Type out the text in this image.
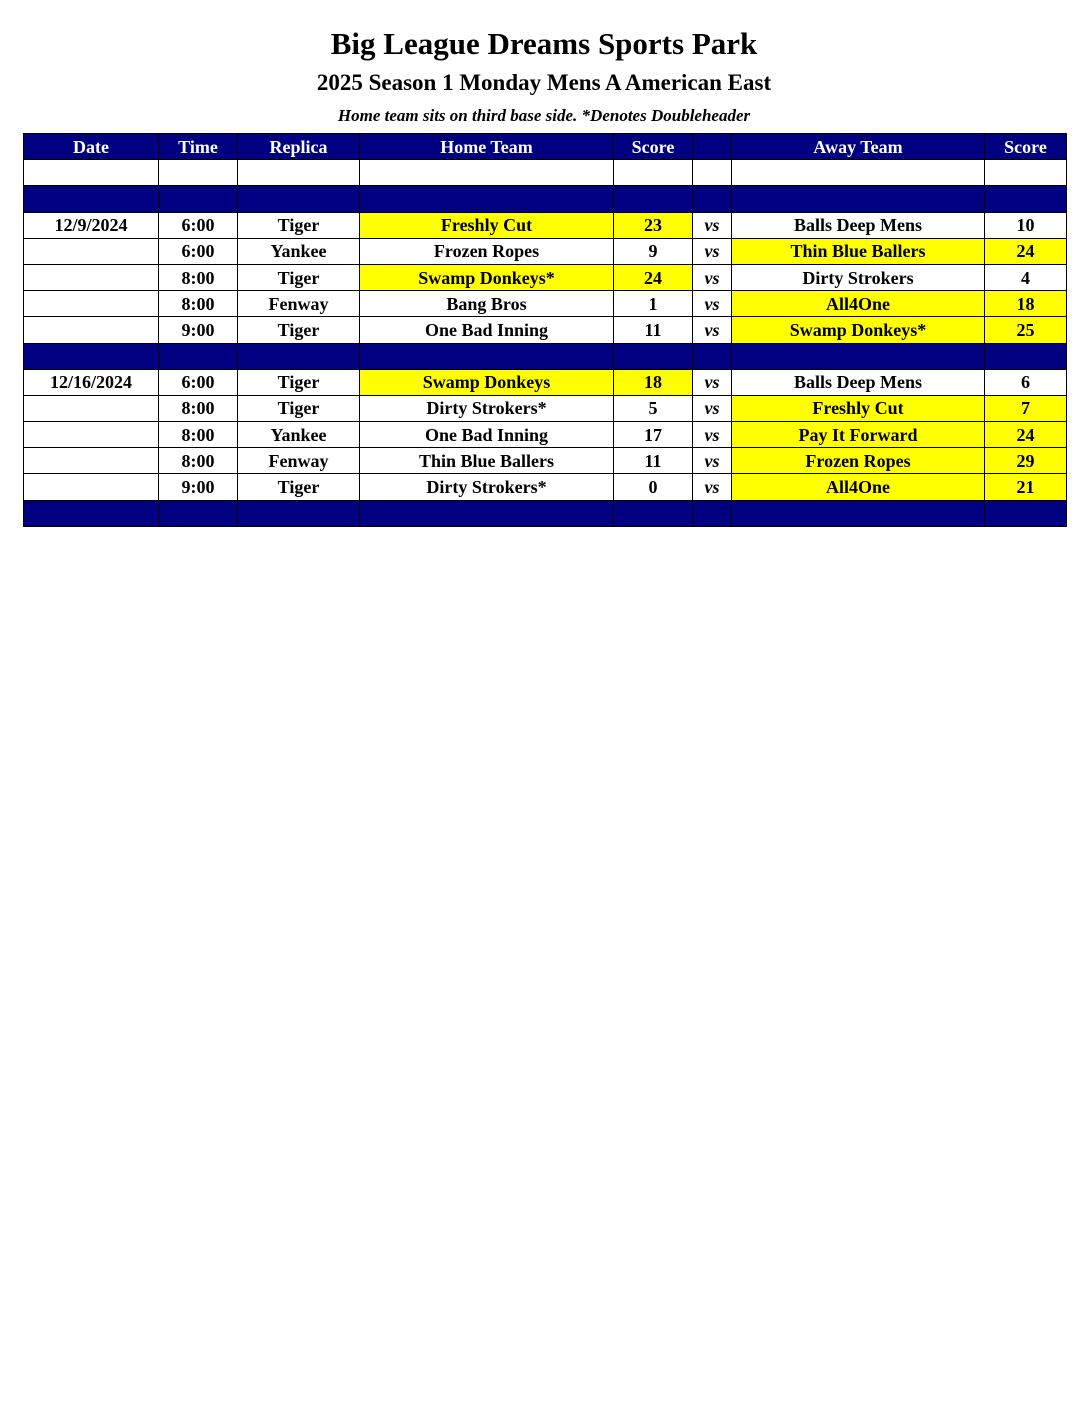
Big League Dreams Sports Park
2025 Season 1 Monday Mens A American East
Home team sits on third base side. *Denotes Doubleheader
Date	Time	Replica	Home Team	Score		Away Team	Score

12/9/2024	6:00	Tiger	Freshly Cut	23	vs	Balls Deep Mens	10
	6:00	Yankee	Frozen Ropes	9	vs	Thin Blue Ballers	24
	8:00	Tiger	Swamp Donkeys*	24	vs	Dirty Strokers	4
	8:00	Fenway	Bang Bros	1	vs	All4One	18
	9:00	Tiger	One Bad Inning	11	vs	Swamp Donkeys*	25

12/16/2024	6:00	Tiger	Swamp Donkeys	18	vs	Balls Deep Mens	6
	8:00	Tiger	Dirty Strokers*	5	vs	Freshly Cut	7
	8:00	Yankee	One Bad Inning	17	vs	Pay It Forward	24
	8:00	Fenway	Thin Blue Ballers	11	vs	Frozen Ropes	29
	9:00	Tiger	Dirty Strokers*	0	vs	All4One	21
